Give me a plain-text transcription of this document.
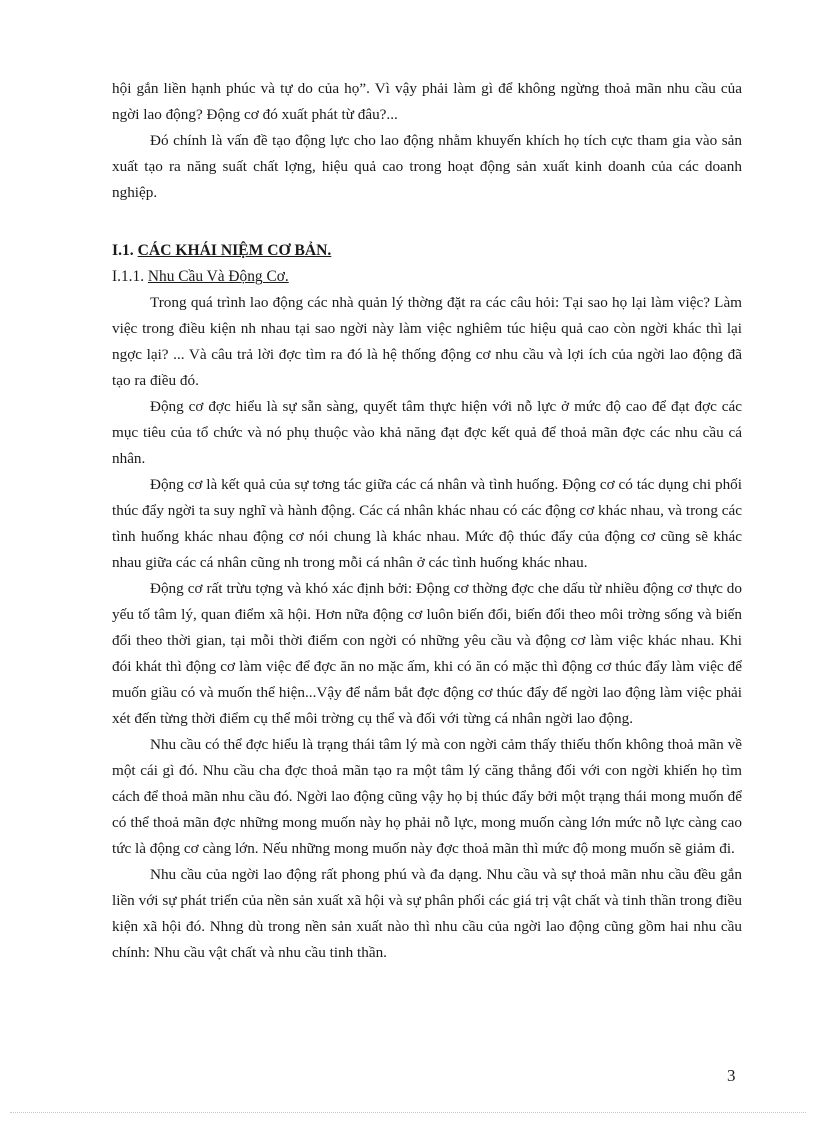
hội gắn liền hạnh phúc và tự do của họ”. Vì vậy phải làm gì để không ngừng thoả mãn nhu cầu của ngời lao động? Động cơ đó xuất phát từ đâu?...

Đó chính là vấn đề tạo động lực cho lao động nhằm khuyến khích họ tích cực tham gia vào sản xuất tạo ra năng suất chất lợng, hiệu quả cao trong hoạt động sản xuất kinh doanh của các doanh nghiệp.

I.1. CÁC KHÁI NIỆM CƠ BẢN.

I.1.1. Nhu Cầu Và Động Cơ.

Trong quá trình lao động các nhà quản lý thờng đặt ra các câu hỏi: Tại sao họ lại làm việc? Làm việc trong điều kiện nh nhau tại sao ngời này làm việc nghiêm túc hiệu quả cao còn ngời khác thì lại ngợc lại? ... Và câu trả lời đợc tìm ra đó là hệ thống động cơ nhu cầu và lợi ích của ngời lao động đã tạo ra điều đó.

Động cơ đợc hiểu là sự sẵn sàng, quyết tâm thực hiện với nỗ lực ở mức độ cao để đạt đợc các mục tiêu của tổ chức và nó phụ thuộc vào khả năng đạt đợc kết quả để thoả mãn đợc các nhu cầu cá nhân.

Động cơ là kết quả của sự tơng tác giữa các cá nhân và tình huống. Động cơ có tác dụng chi phối thúc đẩy ngời ta suy nghĩ và hành động. Các cá nhân khác nhau có các động cơ khác nhau, và trong các tình huống khác nhau động cơ nói chung là khác nhau. Mức độ thúc đẩy của động cơ cũng sẽ khác nhau giữa các cá nhân cũng nh trong mỗi cá nhân ở các tình huống khác nhau.

Động cơ rất trừu tợng và khó xác định bởi: Động cơ thờng đợc che dấu từ nhiều động cơ thực do yếu tố tâm lý, quan điểm xã hội. Hơn nữa động cơ luôn biến đổi, biến đổi theo môi trờng sống và biến đổi theo thời gian, tại mỗi thời điểm con ngời có những yêu cầu và động cơ làm việc khác nhau. Khi đói khát thì động cơ làm việc để đợc ăn no mặc ấm, khi có ăn có mặc thì động cơ thúc đẩy làm việc để muốn giầu có và muốn thể hiện...Vậy để nắm bắt đợc động cơ thúc đẩy để ngời lao động làm việc phải xét đến từng thời điểm cụ thể môi trờng cụ thể và đối với từng cá nhân ngời lao động.

Nhu cầu có thể đợc hiểu là trạng thái tâm lý mà con ngời cảm thấy thiếu thốn không thoả mãn về một cái gì đó. Nhu cầu cha đợc thoả mãn tạo ra một tâm lý căng thẳng đối với con ngời khiến họ tìm cách để thoả mãn nhu cầu đó. Ngời lao động cũng vậy họ bị thúc đẩy bởi một trạng thái mong muốn để có thể thoả mãn đợc những mong muốn này họ phải nỗ lực, mong muốn càng lớn mức nỗ lực càng cao tức là động cơ càng lớn. Nếu những mong muốn này đợc thoả mãn thì mức độ mong muốn sẽ giảm đi.

Nhu cầu của ngời lao động rất phong phú và đa dạng. Nhu cầu và sự thoả mãn nhu cầu đều gắn liền với sự phát triển của nền sản xuất xã hội và sự phân phối các giá trị vật chất và tinh thần trong điều kiện xã hội đó. Nhng dù trong nền sản xuất nào thì nhu cầu của ngời lao động cũng gồm hai nhu cầu chính: Nhu cầu vật chất và nhu cầu tinh thần.

3
